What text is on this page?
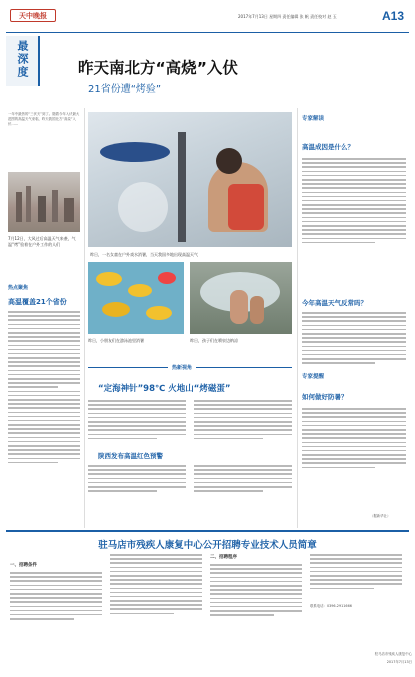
天中晚报	2017年7月13日 星期四 责任编辑 张 帆 责任校对 赵 玉	A13
最深度	昨天南北方“高烧”入伏
21省份遭“烤验”
一年中最热的“三伏天”到了。随着今年入伏最大范围的高温天气来临，昨天我国北方“高烧”入伏……
7月12日，大风过后高温天气来袭，气温“烤”验着在户外工作的人们
热点聚焦
高温覆盖21个省份
昨日，一名女童在户外戏水消暑，当天我国多地出现高温天气
昨日，小朋友们在游泳池里消暑	昨日，孩子们在喷泉边纳凉
热新视角
“定海神针”98℃ 火地山“烤磁蛋”
陕西发布高温红色预警
专家解读
高温成因是什么？
今年高温天气反常吗？
专家提醒
如何做好防暑？
（据新华社）
驻马店市残疾人康复中心公开招聘专业技术人员简章
一、招聘条件
二、招聘程序
联系电话：0396-2911666
驻马店市残疾人康复中心
2017年7月13日
